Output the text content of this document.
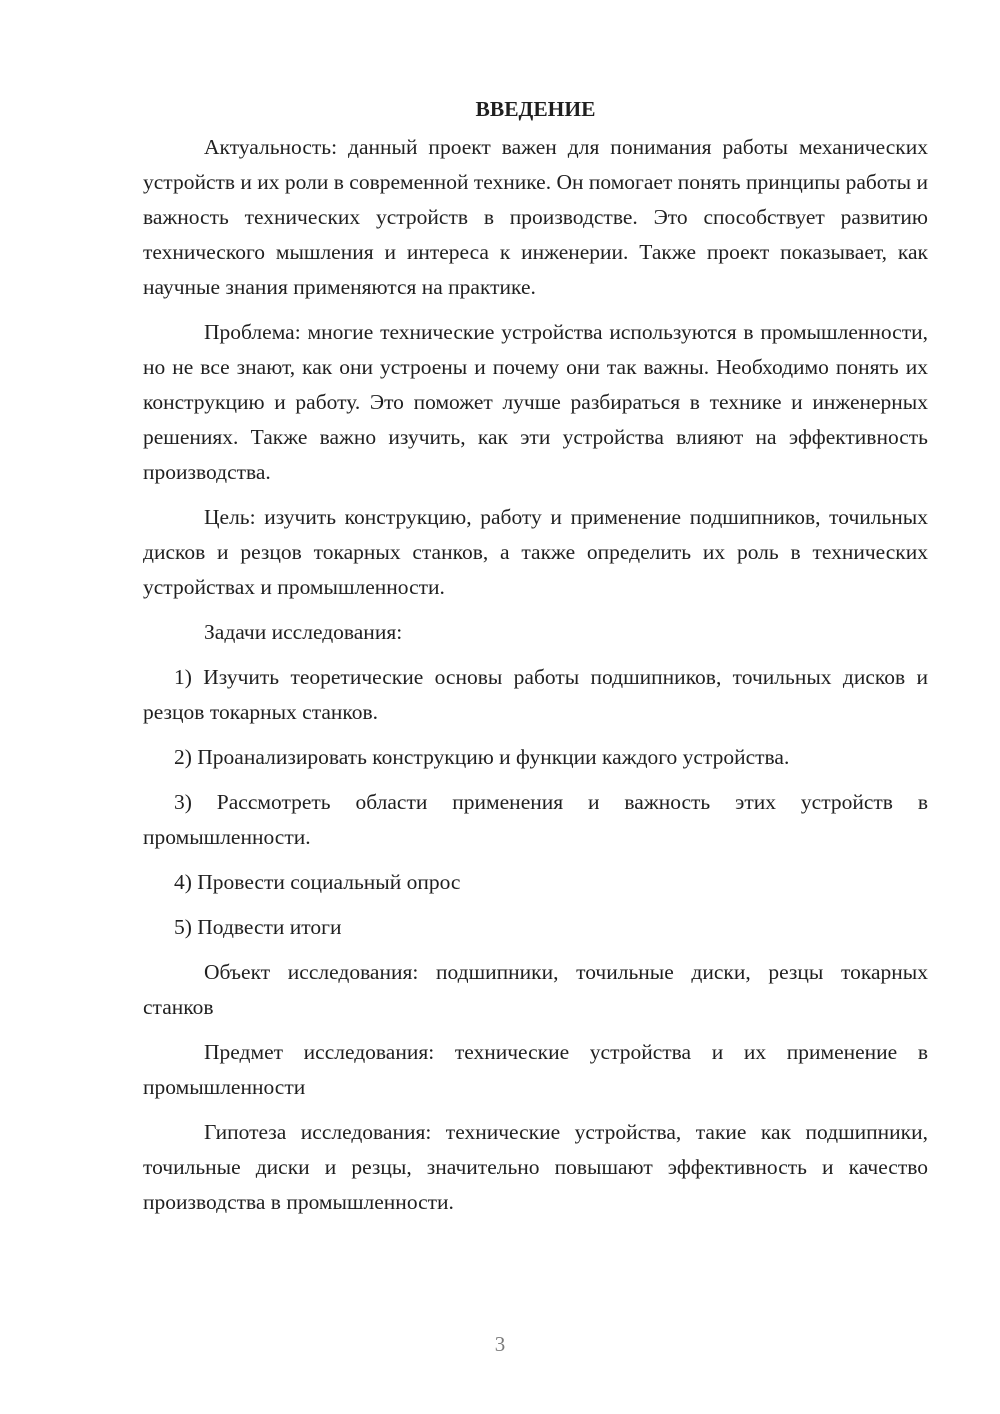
ВВЕДЕНИЕ

Актуальность: данный проект важен для понимания работы механических устройств и их роли в современной технике. Он помогает понять принципы работы и важность технических устройств в производстве. Это способствует развитию технического мышления и интереса к инженерии. Также проект показывает, как научные знания применяются на практике.

Проблема: многие технические устройства используются в промышленности, но не все знают, как они устроены и почему они так важны. Необходимо понять их конструкцию и работу. Это поможет лучше разбираться в технике и инженерных решениях. Также важно изучить, как эти устройства влияют на эффективность производства.

Цель: изучить конструкцию, работу и применение подшипников, точильных дисков и резцов токарных станков, а также определить их роль в технических устройствах и промышленности.

Задачи исследования:

1) Изучить теоретические основы работы подшипников, точильных дисков и резцов токарных станков.

2) Проанализировать конструкцию и функции каждого устройства.

3) Рассмотреть области применения и важность этих устройств в промышленности.

4) Провести социальный опрос

5) Подвести итоги

Объект исследования: подшипники, точильные диски, резцы токарных станков

Предмет исследования: технические устройства и их применение в промышленности

Гипотеза исследования: технические устройства, такие как подшипники, точильные диски и резцы, значительно повышают эффективность и качество производства в промышленности.

3
